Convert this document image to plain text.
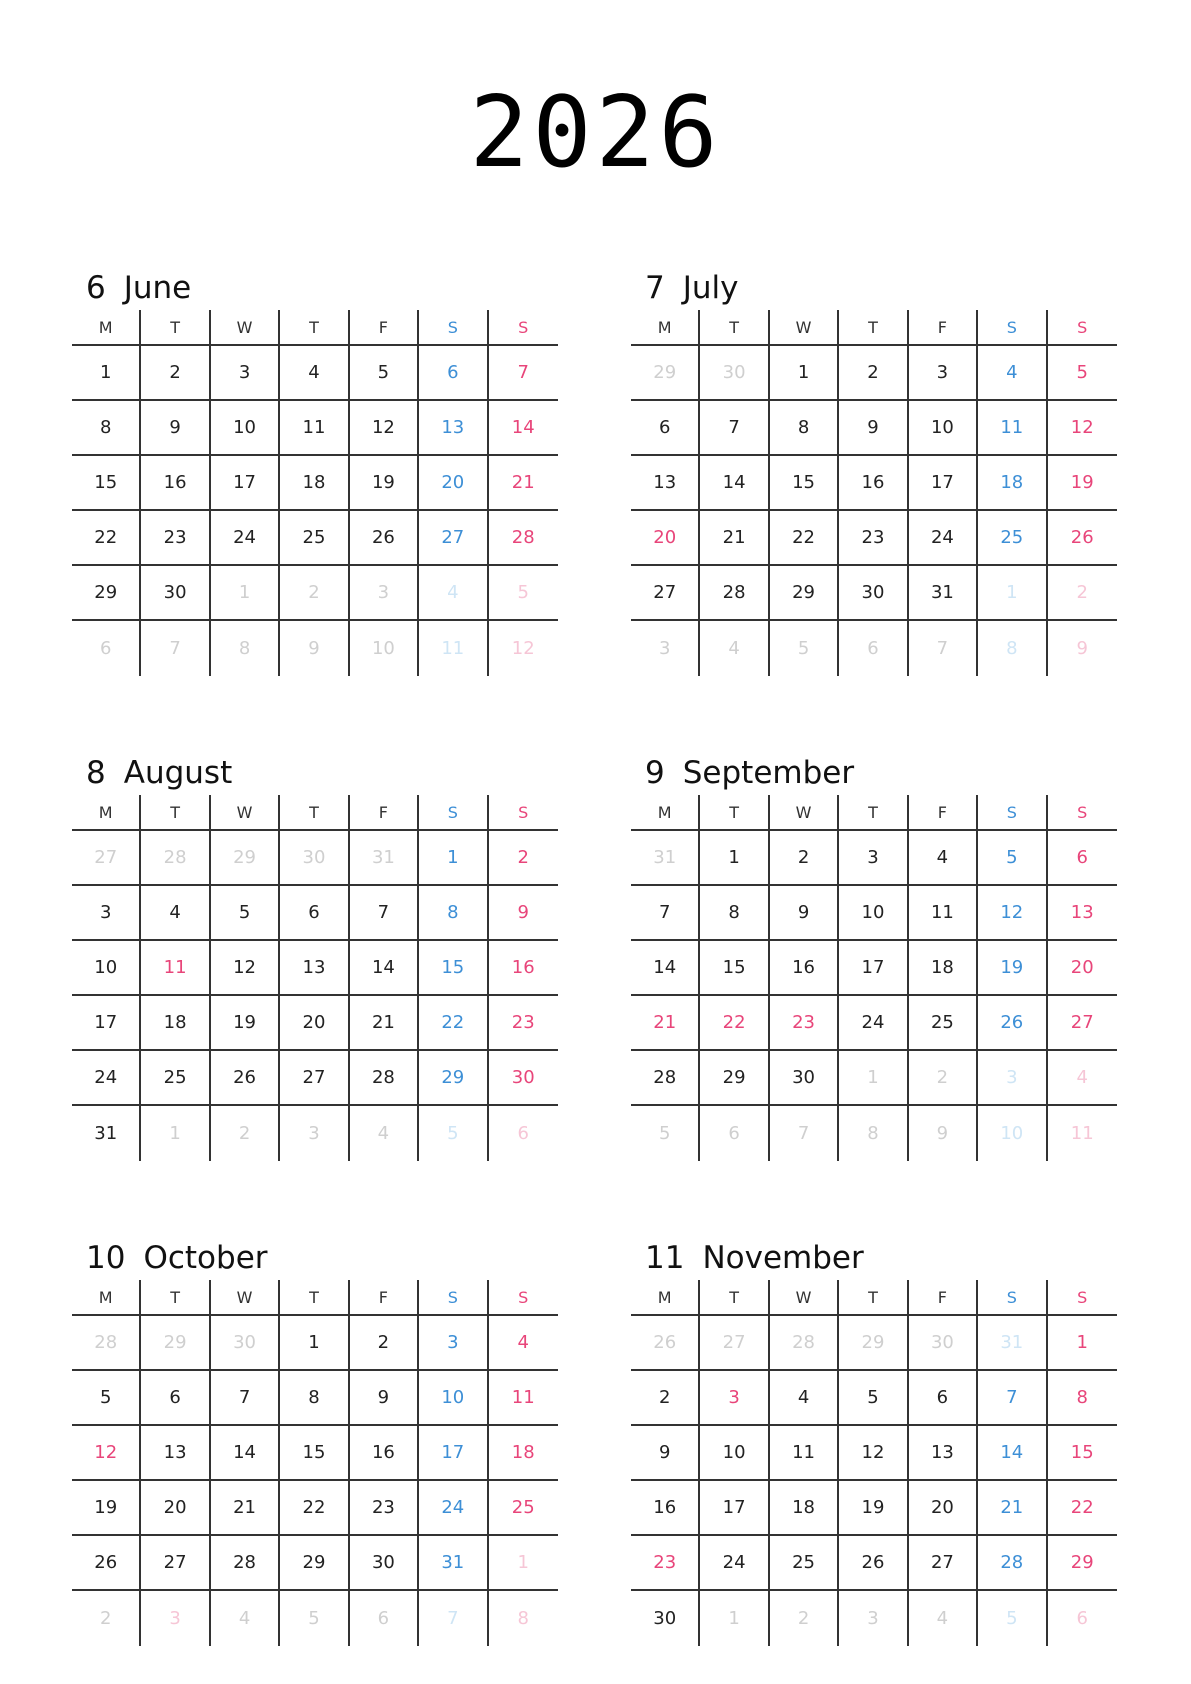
2026
6 June
M	T	W	T	F	S	S
1	2	3	4	5	6	7
8	9	10	11	12	13	14
15	16	17	18	19	20	21
22	23	24	25	26	27	28
29	30	1	2	3	4	5
6	7	8	9	10	11	12
7 July
M	T	W	T	F	S	S
29	30	1	2	3	4	5
6	7	8	9	10	11	12
13	14	15	16	17	18	19
20	21	22	23	24	25	26
27	28	29	30	31	1	2
3	4	5	6	7	8	9
8 August
M	T	W	T	F	S	S
27	28	29	30	31	1	2
3	4	5	6	7	8	9
10	11	12	13	14	15	16
17	18	19	20	21	22	23
24	25	26	27	28	29	30
31	1	2	3	4	5	6
9 September
M	T	W	T	F	S	S
31	1	2	3	4	5	6
7	8	9	10	11	12	13
14	15	16	17	18	19	20
21	22	23	24	25	26	27
28	29	30	1	2	3	4
5	6	7	8	9	10	11
10 October
M	T	W	T	F	S	S
28	29	30	1	2	3	4
5	6	7	8	9	10	11
12	13	14	15	16	17	18
19	20	21	22	23	24	25
26	27	28	29	30	31	1
2	3	4	5	6	7	8
11 November
M	T	W	T	F	S	S
26	27	28	29	30	31	1
2	3	4	5	6	7	8
9	10	11	12	13	14	15
16	17	18	19	20	21	22
23	24	25	26	27	28	29
30	1	2	3	4	5	6
